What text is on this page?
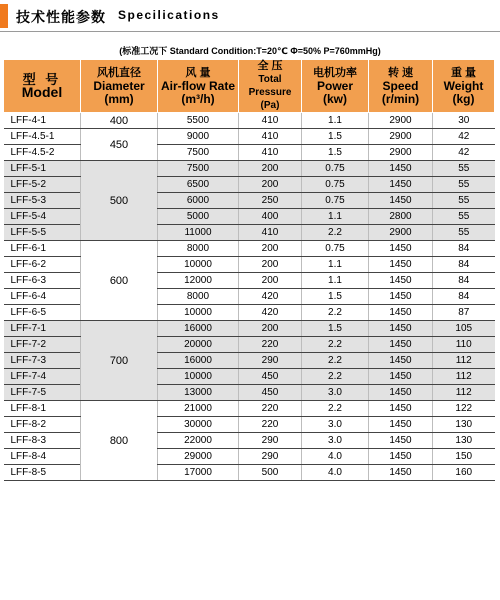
技术性能参数 Specilications
(标准工况下 Standard Condition:T=20℃ Φ=50% P=760mmHg)
型 号
Model	风机直径
Diameter
(mm)	风 量
Air-flow Rate
(m³/h)	全 压
Total Pressure
(Pa)	电机功率
Power
(kw)	转 速
Speed
(r/min)	重 量
Weight
(kg)

LFF-4-1	400	5500	410	1.1	2900	30
LFF-4.5-1	450	9000	410	1.5	2900	42
LFF-4.5-2		7500	410	1.5	2900	42
LFF-5-1	500	7500	200	0.75	1450	55
LFF-5-2		6500	200	0.75	1450	55
LFF-5-3		6000	250	0.75	1450	55
LFF-5-4		5000	400	1.1	2800	55
LFF-5-5		11000	410	2.2	2900	55
LFF-6-1	600	8000	200	0.75	1450	84
LFF-6-2		10000	200	1.1	1450	84
LFF-6-3		12000	200	1.1	1450	84
LFF-6-4		8000	420	1.5	1450	84
LFF-6-5		10000	420	2.2	1450	87
LFF-7-1	700	16000	200	1.5	1450	105
LFF-7-2		20000	220	2.2	1450	110
LFF-7-3		16000	290	2.2	1450	112
LFF-7-4		10000	450	2.2	1450	112
LFF-7-5		13000	450	3.0	1450	112
LFF-8-1	800	21000	220	2.2	1450	122
LFF-8-2		30000	220	3.0	1450	130
LFF-8-3		22000	290	3.0	1450	130
LFF-8-4		29000	290	4.0	1450	150
LFF-8-5		17000	500	4.0	1450	160
